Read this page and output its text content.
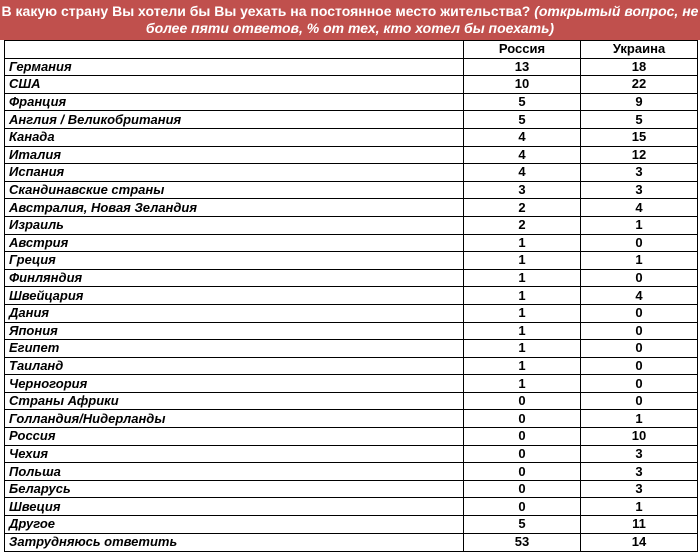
В какую страну Вы хотели бы Вы уехать на постоянное место жительства? (открытый вопрос, не более пяти ответов, % от тех, кто хотел бы поехать)
	Россия	Украина
Германия	13	18
США	10	22
Франция	5	9
Англия / Великобритания	5	5
Канада	4	15
Италия	4	12
Испания	4	3
Скандинавские страны	3	3
Австралия, Новая Зеландия	2	4
Израиль	2	1
Австрия	1	0
Греция	1	1
Финляндия	1	0
Швейцария	1	4
Дания	1	0
Япония	1	0
Египет	1	0
Таиланд	1	0
Черногория	1	0
Страны Африки	0	0
Голландия/Нидерланды	0	1
Россия	0	10
Чехия	0	3
Польша	0	3
Беларусь	0	3
Швеция	0	1
Другое	5	11
Затрудняюсь ответить	53	14
